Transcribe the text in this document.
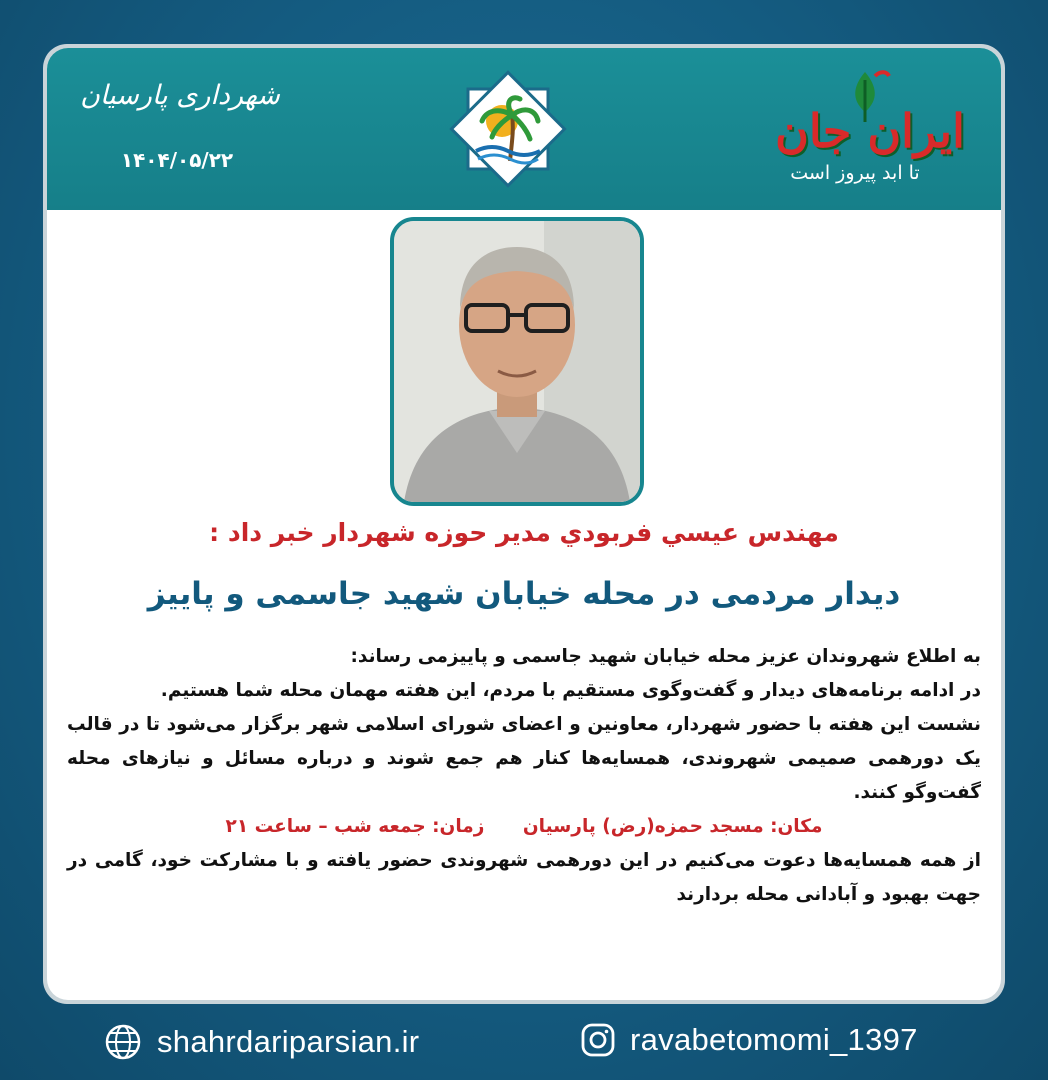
شهرداری پارسیان
۱۴۰۴/۰۵/۲۲
ایران جان
تا ابد پیروز است
مهندس عيسي فربودي مدير حوزه شهردار خبر داد :
ديدار مردمی در محله خیابان شهید جاسمی و پاییز

به اطلاع شهروندان عزیز محله خیابان شهید جاسمی و پاییزمی رساند:

در ادامه برنامه‌های دیدار و گفت‌وگوی مستقیم با مردم، این هفته مهمان محله شما هستیم.

نشست این هفته با حضور شهردار، معاونین و اعضای شورای اسلامی شهر برگزار می‌شود تا در قالب یک دورهمی صمیمی شهروندی، همسایه‌ها کنار هم جمع شوند و درباره مسائل و نیازهای محله گفت‌وگو کنند.

مکان: مسجد حمزه(رض) پارسیان زمان: جمعه شب – ساعت ۲۱

از همه همسایه‌ها دعوت می‌کنیم در این دورهمی شهروندی حضور یافته و با مشارکت خود، گامی در جهت بهبود و آبادانی محله بردارند

shahrdariparsian.ir	ravabetomomi_1397
